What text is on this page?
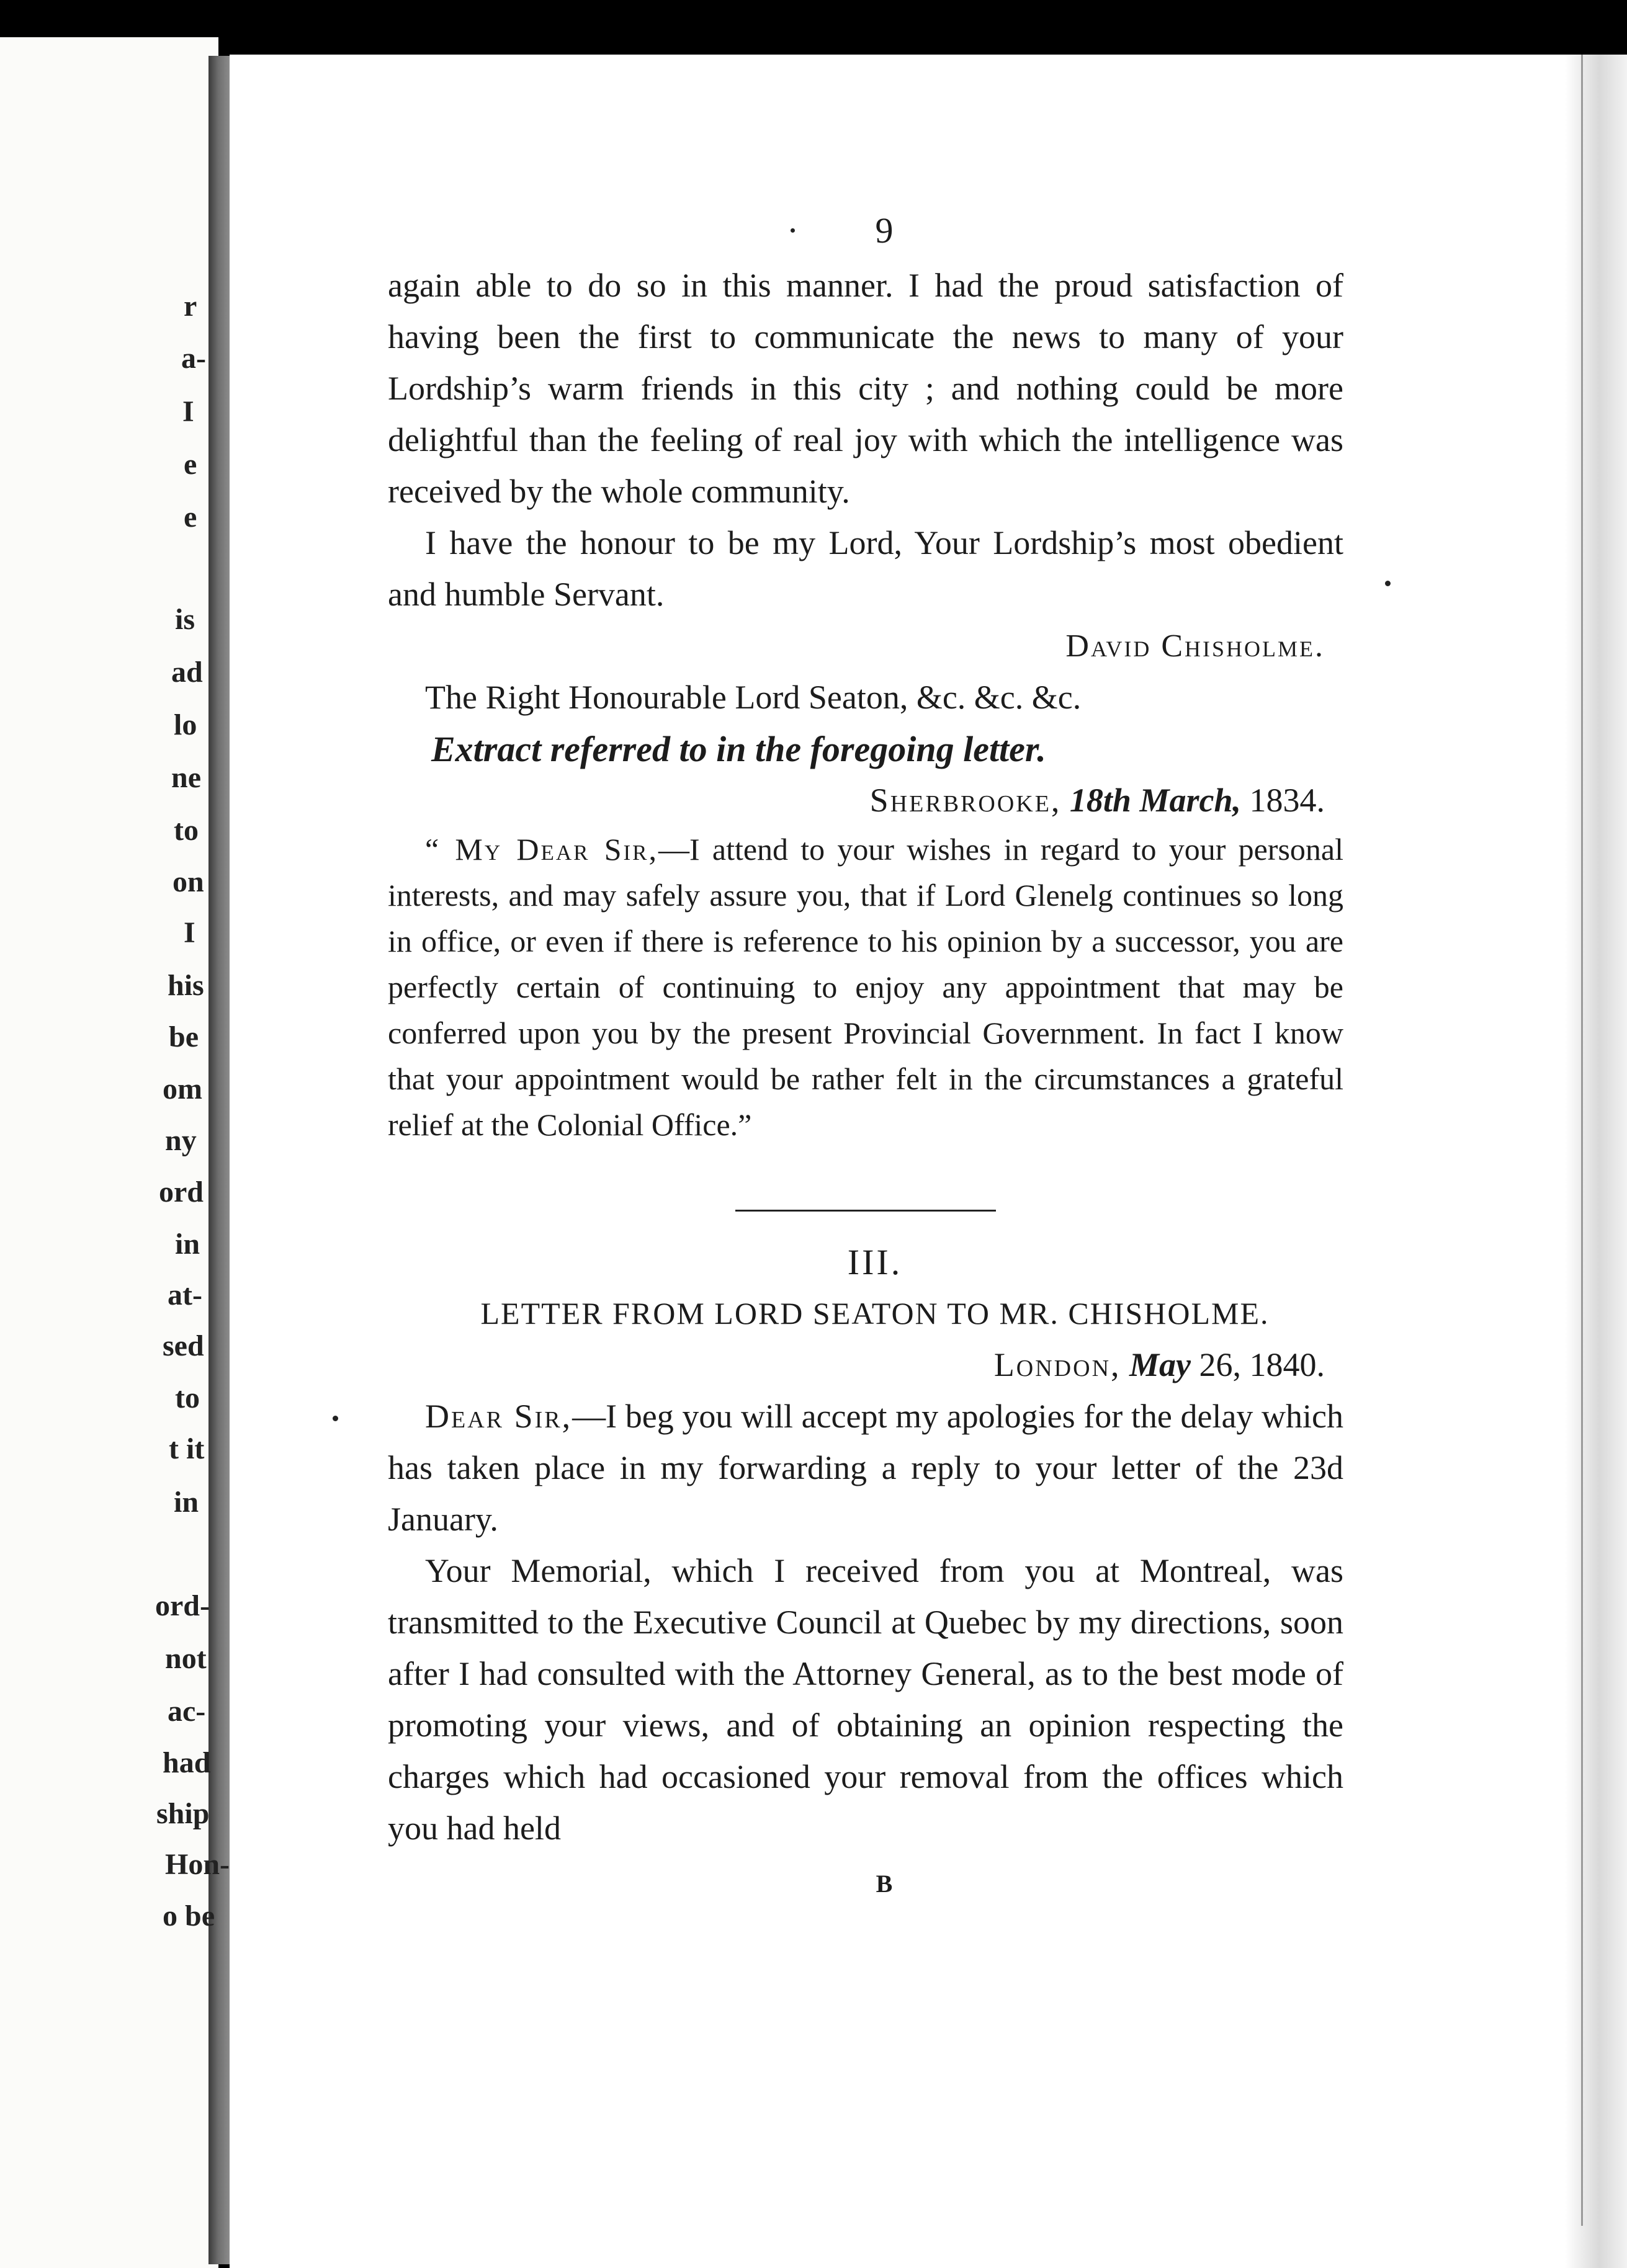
r
a-
I
e
e
is
ad
lo
ne
to
on
I
his
be
om
ny
ord
in
at-
sed
to
t it
in
ord-
not
ac-
had
ship
Hon-
o be
9

again able to do so in this manner. I had the proud satisfaction of having been the first to communicate the news to many of your Lordship’s warm friends in this city ; and nothing could be more delightful than the feeling of real joy with which the intelligence was received by the whole community.

I have the honour to be my Lord, Your Lordship’s most obedient and humble Servant.

David Chisholme.

The Right Honourable Lord Seaton, &c. &c. &c.

Extract referred to in the foregoing letter.

Sherbrooke, 18th March, 1834.

“ My Dear Sir,—I attend to your wishes in regard to your personal interests, and may safely assure you, that if Lord Glenelg continues so long in office, or even if there is reference to his opinion by a successor, you are perfectly certain of continuing to enjoy any appointment that may be conferred upon you by the present Provincial Government. In fact I know that your appointment would be rather felt in the circumstances a grateful relief at the Colonial Office.”

III.
LETTER FROM LORD SEATON TO MR. CHISHOLME.

London, May 26, 1840.

Dear Sir,—I beg you will accept my apologies for the delay which has taken place in my forwarding a reply to your letter of the 23d January.

Your Memorial, which I received from you at Montreal, was transmitted to the Executive Council at Quebec by my directions, soon after I had consulted with the Attorney General, as to the best mode of promoting your views, and of obtaining an opinion respecting the charges which had occasioned your removal from the offices which you had held

B
